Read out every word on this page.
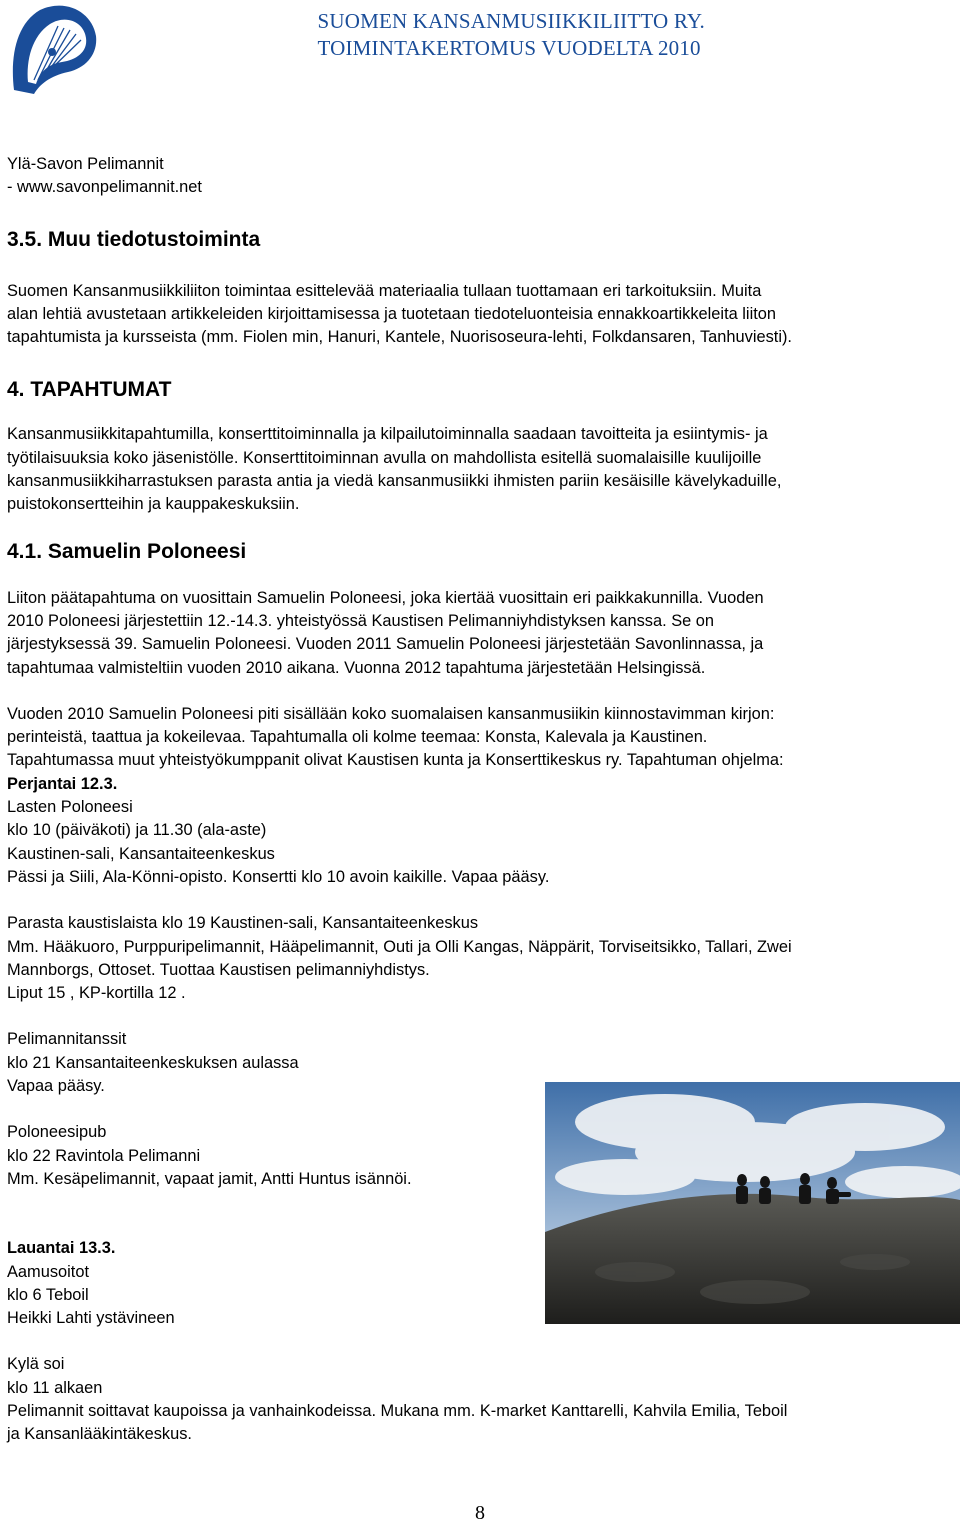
SUOMEN KANSANMUSIIKKILIITTO RY.
TOIMINTAKERTOMUS VUODELTA 2010

Ylä-Savon Pelimannit

- www.savonpelimannit.net

3.5. Muu tiedotustoiminta

Suomen Kansanmusiikkiliiton toimintaa esittelevää materiaalia tullaan tuottamaan eri tarkoituksiin. Muita

alan lehtiä avustetaan artikkeleiden kirjoittamisessa ja tuotetaan tiedoteluonteisia ennakkoartikkeleita liiton

tapahtumista ja kursseista (mm. Fiolen min, Hanuri, Kantele, Nuorisoseura-lehti, Folkdansaren, Tanhuviesti).

4. TAPAHTUMAT

Kansanmusiikkitapahtumilla, konserttitoiminnalla ja kilpailutoiminnalla saadaan tavoitteita ja esiintymis- ja

työtilaisuuksia koko jäsenistölle. Konserttitoiminnan avulla on mahdollista esitellä suomalaisille kuulijoille

kansanmusiikkiharrastuksen parasta antia ja viedä kansanmusiikki ihmisten pariin kesäisille kävelykaduille,

puistokonsertteihin ja kauppakeskuksiin.

4.1. Samuelin Poloneesi

Liiton päätapahtuma on vuosittain Samuelin Poloneesi, joka kiertää vuosittain eri paikkakunnilla. Vuoden

2010 Poloneesi järjestettiin 12.-14.3. yhteistyössä Kaustisen Pelimanniyhdistyksen kanssa. Se on

järjestyksessä 39. Samuelin Poloneesi. Vuoden 2011 Samuelin Poloneesi järjestetään Savonlinnassa, ja

tapahtumaa valmisteltiin vuoden 2010 aikana. Vuonna 2012 tapahtuma järjestetään Helsingissä.

Vuoden 2010 Samuelin Poloneesi piti sisällään koko suomalaisen kansanmusiikin kiinnostavimman kirjon:

perinteistä, taattua ja kokeilevaa. Tapahtumalla oli kolme teemaa: Konsta, Kalevala ja Kaustinen.

Tapahtumassa muut yhteistyökumppanit olivat Kaustisen kunta ja Konserttikeskus ry. Tapahtuman ohjelma:

Perjantai 12.3.

Lasten Poloneesi

klo 10 (päiväkoti) ja 11.30 (ala-aste)

Kaustinen-sali, Kansantaiteenkeskus

Pässi ja Siili, Ala-Könni-opisto. Konsertti klo 10 avoin kaikille. Vapaa pääsy.

Parasta kaustislaista klo 19 Kaustinen-sali, Kansantaiteenkeskus

Mm. Hääkuoro, Purppuripelimannit, Hääpelimannit, Outi ja Olli Kangas, Näppärit, Torviseitsikko, Tallari, Zwei

Mannborgs, Ottoset. Tuottaa Kaustisen pelimanniyhdistys.

Liput 15 , KP-kortilla 12 .

Pelimannitanssit

klo 21 Kansantaiteenkeskuksen aulassa

Vapaa pääsy.

Poloneesipub

klo 22 Ravintola Pelimanni

Mm. Kesäpelimannit, vapaat jamit, Antti Huntus isännöi.

Lauantai 13.3.

Aamusoitot

klo 6 Teboil

Heikki Lahti ystävineen

Kylä soi

klo 11 alkaen

Pelimannit soittavat kaupoissa ja vanhainkodeissa. Mukana mm. K-market Kanttarelli, Kahvila Emilia, Teboil

ja Kansanlääkintäkeskus.

8
